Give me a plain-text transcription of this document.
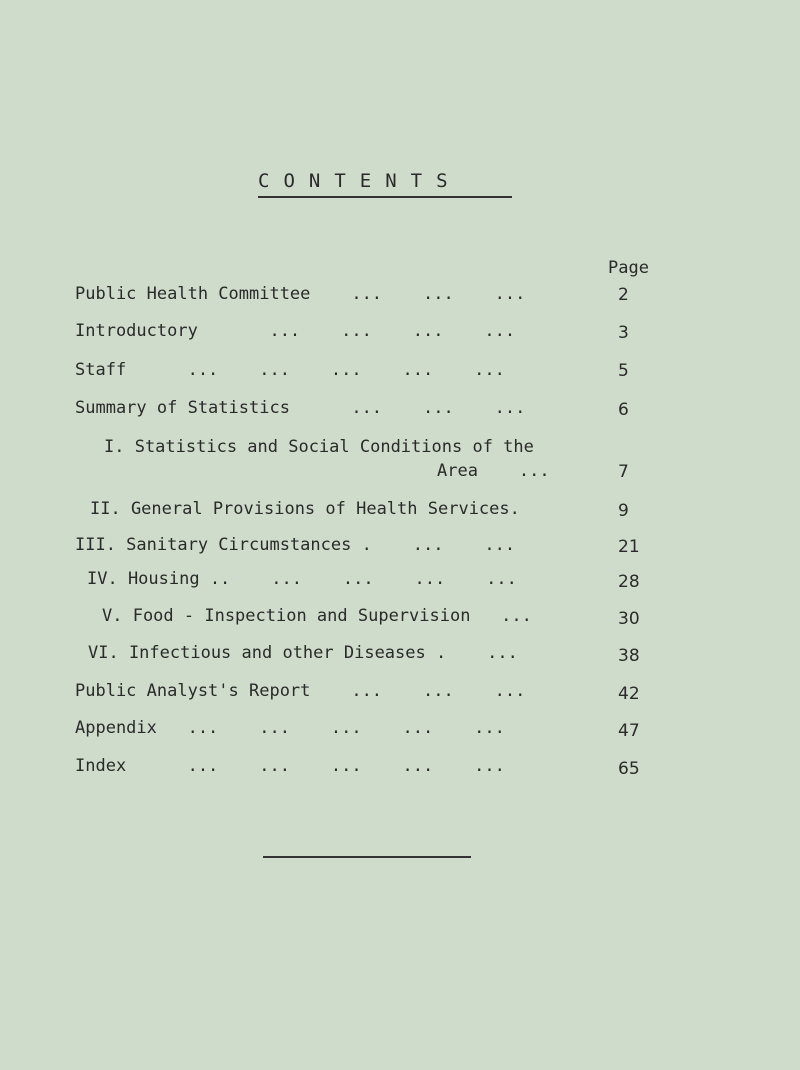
CONTENTS
Page
Public Health Committee    ...    ...    ...	2
Introductory       ...    ...    ...    ...	3
Staff      ...    ...    ...    ...    ...	5
Summary of Statistics      ...    ...    ...	6
I. Statistics and Social Conditions of the
Area    ...	7
II. General Provisions of Health Services.	9
III. Sanitary Circumstances .    ...    ...	21
IV. Housing ..    ...    ...    ...    ...	28
V. Food - Inspection and Supervision   ...	30
VI. Infectious and other Diseases .    ...	38
Public Analyst's Report    ...    ...    ...	42
Appendix   ...    ...    ...    ...    ...	47
Index      ...    ...    ...    ...    ...	65
